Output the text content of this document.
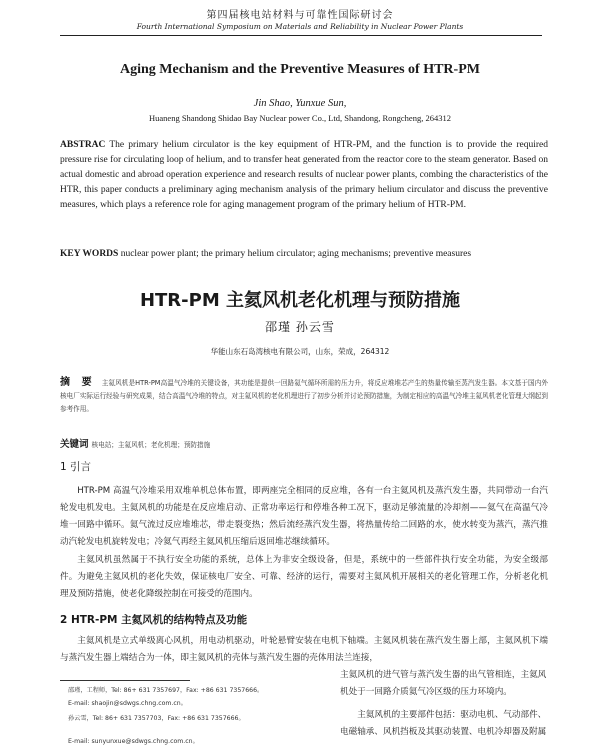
第四届核电站材料与可靠性国际研讨会
Fourth International Symposium on Materials and Reliability in Nuclear Power Plants
Aging Mechanism and the Preventive Measures of HTR-PM
Jin Shao, Yunxue Sun,
Huaneng Shandong Shidao Bay Nuclear power Co., Ltd, Shandong, Rongcheng, 264312
ABSTRAC The primary helium circulator is the key equipment of HTR-PM, and the function is to provide the required pressure rise for circulating loop of helium, and to transfer heat generated from the reactor core to the steam generator. Based on actual domestic and abroad operation experience and research results of nuclear power plants, combing the characteristics of the HTR, this paper conducts a preliminary aging mechanism analysis of the primary helium circulator and discuss the preventive measures, which plays a reference role for aging management program of the primary helium of HTR-PM.
KEY WORDS nuclear power plant; the primary helium circulator; aging mechanisms; preventive measures
HTR-PM 主氦风机老化机理与预防措施
邵瑾 孙云雪
华能山东石岛湾核电有限公司，山东，荣成，264312
摘 要 主氦风机是HTR-PM高温气冷堆的关键设备，其功能是提供一回路氦气循环所需的压力升，将反应堆堆芯产生的热量传输至蒸汽发生器。本文基于国内外核电厂实际运行经验与研究成果，结合高温气冷堆的特点，对主氦风机的老化机理进行了初步分析并讨论预防措施，为制定相应的高温气冷堆主氦风机老化管理大纲起到参考作用。
关键词 核电站；主氦风机；老化机理；预防措施
1 引言
HTR-PM 高温气冷堆采用双堆单机总体布置，即两座完全相同的反应堆，各有一台主氦风机及蒸汽发生器，共同带动一台汽轮发电机发电。主氦风机的功能是在反应堆启动、正常功率运行和停堆各种工况下，驱动足够流量的冷却剂——氦气在高温气冷堆一回路中循环。氦气流过反应堆堆芯，带走裂变热；然后流经蒸汽发生器，将热量传给二回路的水，使水转变为蒸汽，蒸汽推动汽轮发电机旋转发电；冷氦气再经主氦风机压缩后返回堆芯继续循环。
主氦风机虽然属于不执行安全功能的系统，总体上为非安全级设备，但是，系统中的一些部件执行安全功能，为安全级部件。为避免主氦风机的老化失效，保证核电厂安全、可靠、经济的运行，需要对主氦风机开展相关的老化管理工作，分析老化机理及预防措施，使老化降级控制在可接受的范围内。
2 HTR-PM 主氦风机的结构特点及功能
主氦风机是立式单级离心风机，用电动机驱动，叶轮悬臂安装在电机下轴端。主氦风机装在蒸汽发生器上部，主氦风机下端与蒸汽发生器上端结合为一体，即主氦风机的壳体与蒸汽发生器的壳体用法兰连接，
主氦风机的进气管与蒸汽发生器的出气管相连，主氦风机处于一回路介质氦气冷区级的压力环境内。
主氦风机的主要部件包括：驱动电机、气动部件、电磁轴承、风机挡板及其驱动装置、电机冷却器及附属
邵瑾，工程师，Tel: 86+ 631 7357697，Fax: +86 631 7357666。
E-mail: shaojin@sdwgs.chng.com.cn。
孙云雪，Tel: 86+ 631 7357703，Fax: +86 631 7357666。
E-mail: sunyunxue@sdwgs.chng.com.cn。
